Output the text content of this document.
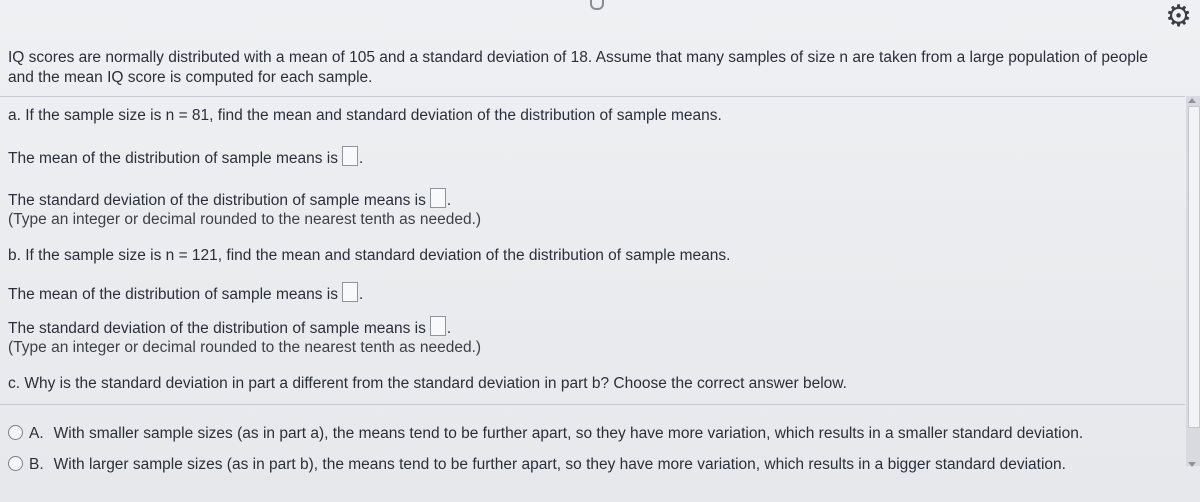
⚙
IQ scores are normally distributed with a mean of 105 and a standard deviation of 18. Assume that many samples of size n are taken from a large population of people
and the mean IQ score is computed for each sample.
a. If the sample size is n = 81, find the mean and standard deviation of the distribution of sample means.
The mean of the distribution of sample means is .
The standard deviation of the distribution of sample means is .
(Type an integer or decimal rounded to the nearest tenth as needed.)
b. If the sample size is n = 121, find the mean and standard deviation of the distribution of sample means.
The mean of the distribution of sample means is .
The standard deviation of the distribution of sample means is .
(Type an integer or decimal rounded to the nearest tenth as needed.)
c. Why is the standard deviation in part a different from the standard deviation in part b? Choose the correct answer below.
A. With smaller sample sizes (as in part a), the means tend to be further apart, so they have more variation, which results in a smaller standard deviation.
B. With larger sample sizes (as in part b), the means tend to be further apart, so they have more variation, which results in a bigger standard deviation.
